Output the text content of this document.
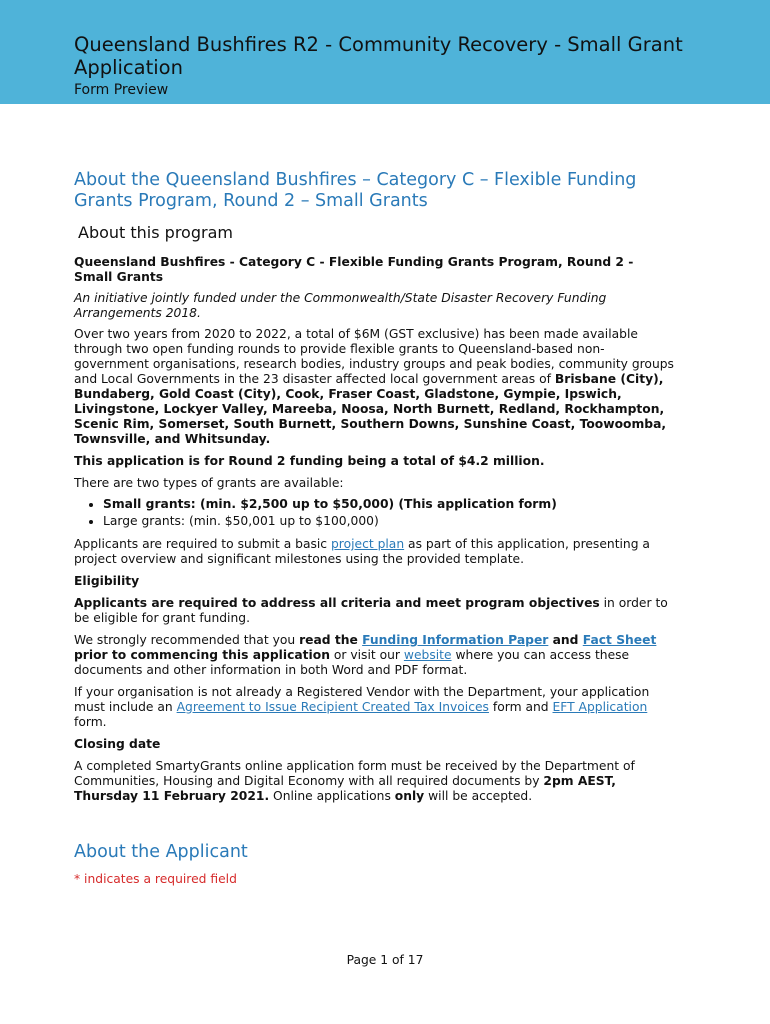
Queensland Bushfires R2 - Community Recovery - Small Grant Application
Form Preview
About the Queensland Bushfires – Category C – Flexible Funding Grants Program, Round 2 – Small Grants
About this program

Queensland Bushfires - Category C - Flexible Funding Grants Program, Round 2 - Small Grants

An initiative jointly funded under the Commonwealth/State Disaster Recovery Funding Arrangements 2018.

Over two years from 2020 to 2022, a total of $6M (GST exclusive) has been made available through two open funding rounds to provide flexible grants to Queensland-based non-government organisations, research bodies, industry groups and peak bodies, community groups and Local Governments in the 23 disaster affected local government areas of Brisbane (City), Bundaberg, Gold Coast (City), Cook, Fraser Coast, Gladstone, Gympie, Ipswich, Livingstone, Lockyer Valley, Mareeba, Noosa, North Burnett, Redland, Rockhampton, Scenic Rim, Somerset, South Burnett, Southern Downs, Sunshine Coast, Toowoomba, Townsville, and Whitsunday.

This application is for Round 2 funding being a total of $4.2 million.

There are two types of grants are available:

• Small grants: (min. $2,500 up to $50,000) (This application form)
• Large grants: (min. $50,001 up to $100,000)

Applicants are required to submit a basic project plan as part of this application, presenting a project overview and significant milestones using the provided template.

Eligibility

Applicants are required to address all criteria and meet program objectives in order to be eligible for grant funding.

We strongly recommended that you read the Funding Information Paper and Fact Sheet prior to commencing this application or visit our website where you can access these documents and other information in both Word and PDF format.

If your organisation is not already a Registered Vendor with the Department, your application must include an Agreement to Issue Recipient Created Tax Invoices form and EFT Application form.

Closing date

A completed SmartyGrants online application form must be received by the Department of Communities, Housing and Digital Economy with all required documents by 2pm AEST, Thursday 11 February 2021. Online applications only will be accepted.

About the Applicant
* indicates a required field
Page 1 of 17
